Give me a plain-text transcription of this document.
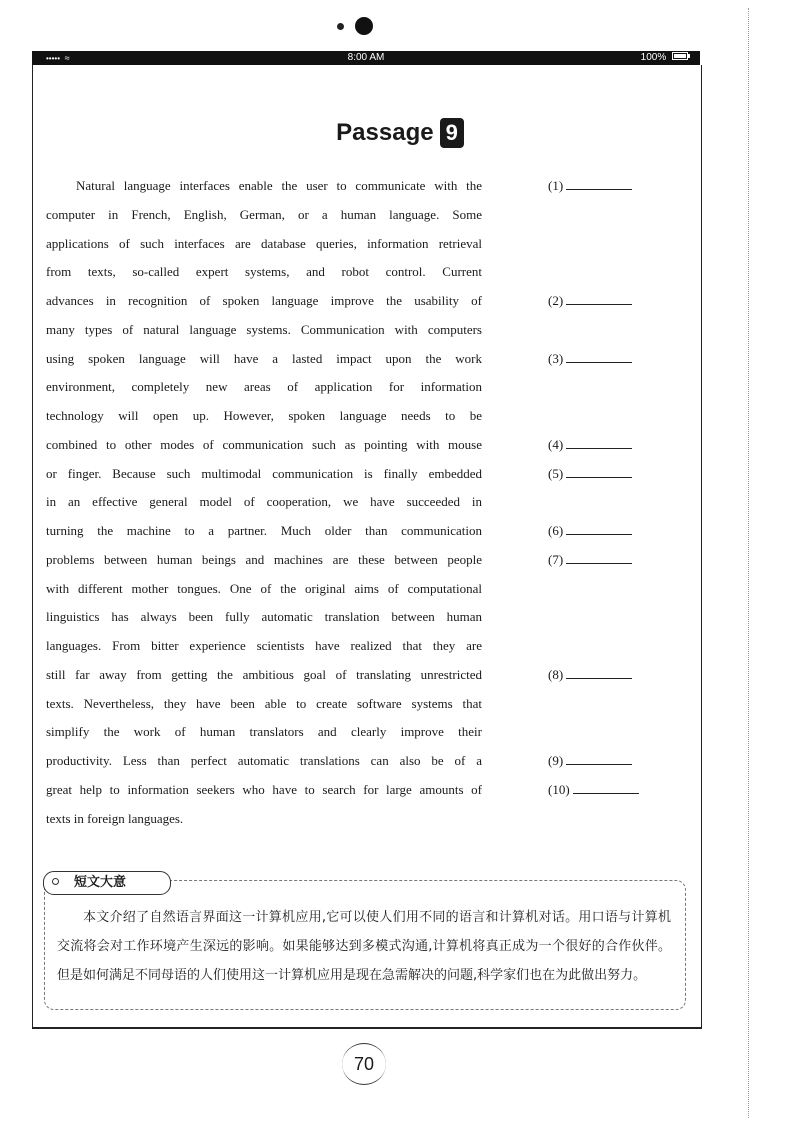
••••• ≈	8:00 AM	100%
Passage 9
Natural language interfaces enable the user to communicate with the
computer in French, English, German, or a human language. Some
applications of such interfaces are database queries, information retrieval
from texts, so-called expert systems, and robot control. Current
advances in recognition of spoken language improve the usability of
many types of natural language systems. Communication with computers
using spoken language will have a lasted impact upon the work
environment, completely new areas of application for information
technology will open up. However, spoken language needs to be
combined to other modes of communication such as pointing with mouse
or finger. Because such multimodal communication is finally embedded
in an effective general model of cooperation, we have succeeded in
turning the machine to a partner. Much older than communication
problems between human beings and machines are these between people
with different mother tongues. One of the original aims of computational
linguistics has always been fully automatic translation between human
languages. From bitter experience scientists have realized that they are
still far away from getting the ambitious goal of translating unrestricted
texts. Nevertheless, they have been able to create software systems that
simplify the work of human translators and clearly improve their
productivity. Less than perfect automatic translations can also be of a
great help to information seekers who have to search for large amounts of
texts in foreign languages.
(1)
(2)
(3)
(4)
(5)
(6)
(7)
(8)
(9)
(10)
短文大意
本文介绍了自然语言界面这一计算机应用,它可以使人们用不同的语言和计算机对话。用口语与计算机交流将会对工作环境产生深远的影响。如果能够达到多模式沟通,计算机将真正成为一个很好的合作伙伴。但是如何满足不同母语的人们使用这一计算机应用是现在急需解决的问题,科学家们也在为此做出努力。
70
